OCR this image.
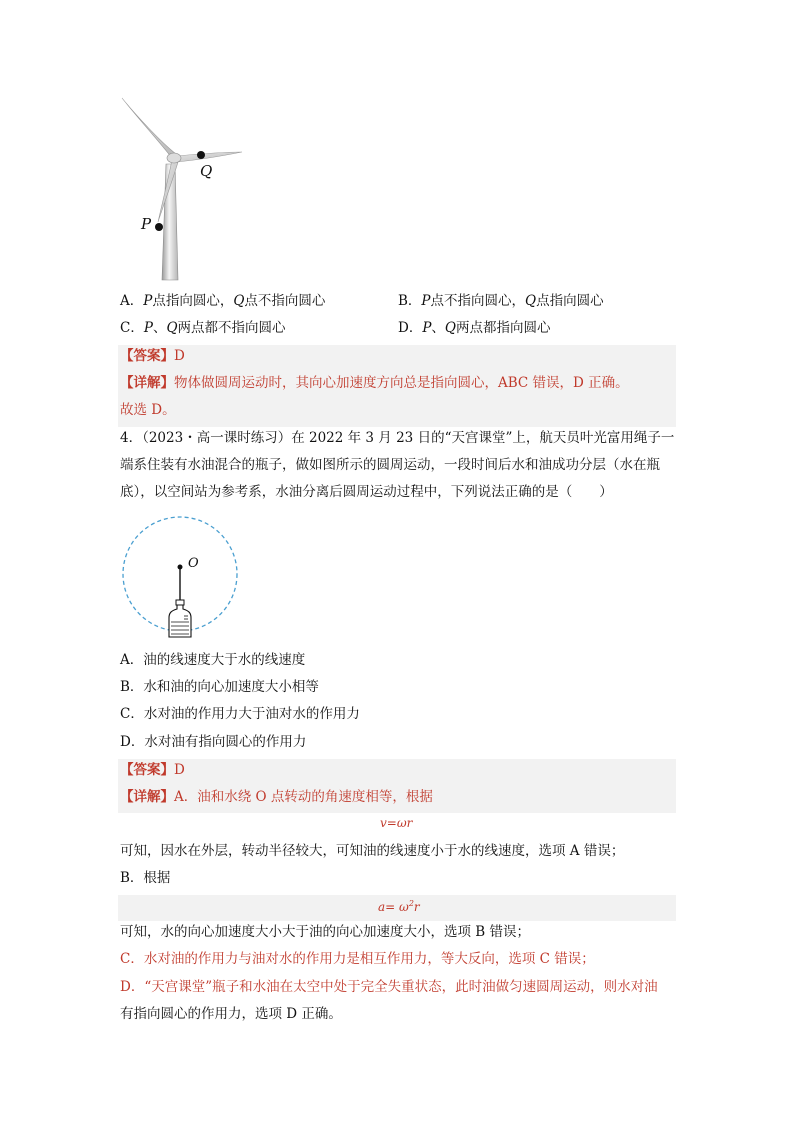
Q
P
A．P点指向圆心，Q点不指向圆心	B．P点不指向圆心，Q点指向圆心
C．P、Q两点都不指向圆心	D．P、Q两点都指向圆心
【答案】D
【详解】物体做圆周运动时，其向心加速度方向总是指向圆心，ABC 错误，D 正确。
故选 D。
4．（2023・高一课时练习）在 2022 年 3 月 23 日的“天宫课堂”上，航天员叶光富用绳子一
端系住装有水油混合的瓶子，做如图所示的圆周运动，一段时间后水和油成功分层（水在瓶
底），以空间站为参考系，水油分离后圆周运动过程中，下列说法正确的是（　　）
O
A．油的线速度大于水的线速度
B．水和油的向心加速度大小相等
C．水对油的作用力大于油对水的作用力
D．水对油有指向圆心的作用力
【答案】D
【详解】A．油和水绕 O 点转动的角速度相等，根据
v=ωr
可知，因水在外层，转动半径较大，可知油的线速度小于水的线速度，选项 A 错误；
B．根据
$a= \omega^2r$
可知，水的向心加速度大小大于油的向心加速度大小，选项 B 错误；
C．水对油的作用力与油对水的作用力是相互作用力，等大反向，选项 C 错误；
D．“天宫课堂”瓶子和水油在太空中处于完全失重状态，此时油做匀速圆周运动，则水对油
有指向圆心的作用力，选项 D 正确。
